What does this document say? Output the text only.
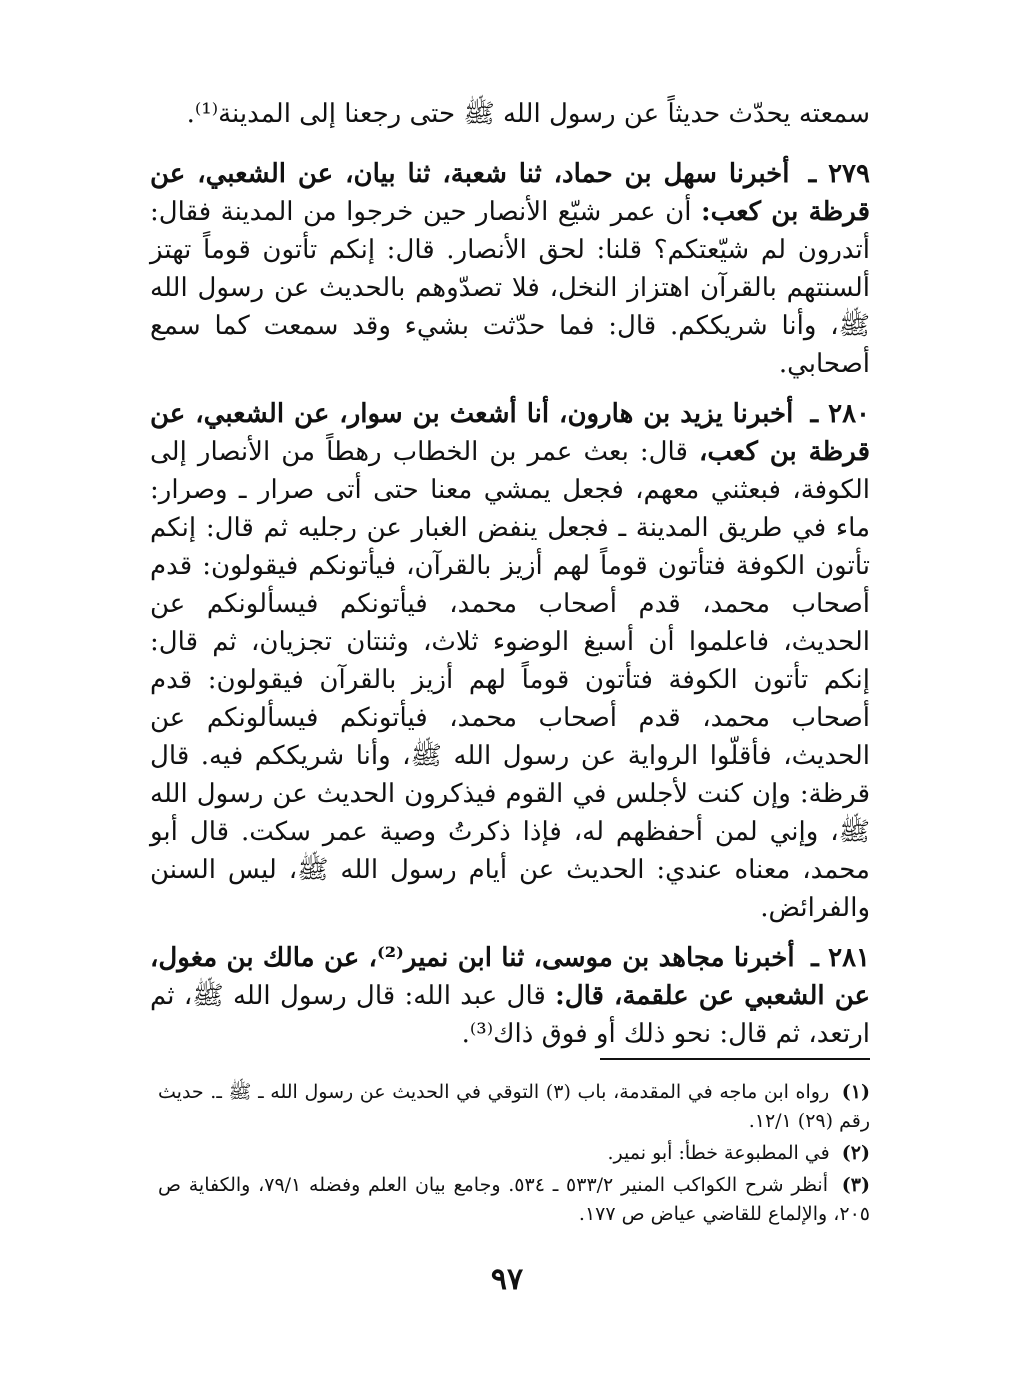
سمعته يحدّث حديثاً عن رسول الله ﷺ حتى رجعنا إلى المدينة⁽¹⁾.

٢٧٩ ـ أخبرنا سهل بن حماد، ثنا شعبة، ثنا بيان، عن الشعبي، عن قرظة بن كعب: أن عمر شيّع الأنصار حين خرجوا من المدينة فقال: أتدرون لم شيّعتكم؟ قلنا: لحق الأنصار. قال: إنكم تأتون قوماً تهتز ألسنتهم بالقرآن اهتزاز النخل، فلا تصدّوهم بالحديث عن رسول الله ﷺ، وأنا شريككم. قال: فما حدّثت بشيء وقد سمعت كما سمع أصحابي.

٢٨٠ ـ أخبرنا يزيد بن هارون، أنا أشعث بن سوار، عن الشعبي، عن قرظة بن كعب، قال: بعث عمر بن الخطاب رهطاً من الأنصار إلى الكوفة، فبعثني معهم، فجعل يمشي معنا حتى أتى صرار ـ وصرار: ماء في طريق المدينة ـ فجعل ينفض الغبار عن رجليه ثم قال: إنكم تأتون الكوفة فتأتون قوماً لهم أزيز بالقرآن، فيأتونكم فيقولون: قدم أصحاب محمد، قدم أصحاب محمد، فيأتونكم فيسألونكم عن الحديث، فاعلموا أن أسبغ الوضوء ثلاث، وثنتان تجزيان، ثم قال: إنكم تأتون الكوفة فتأتون قوماً لهم أزيز بالقرآن فيقولون: قدم أصحاب محمد، قدم أصحاب محمد، فيأتونكم فيسألونكم عن الحديث، فأقلّوا الرواية عن رسول الله ﷺ، وأنا شريككم فيه. قال قرظة: وإن كنت لأجلس في القوم فيذكرون الحديث عن رسول الله ﷺ، وإني لمن أحفظهم له، فإذا ذكرتُ وصية عمر سكت. قال أبو محمد، معناه عندي: الحديث عن أيام رسول الله ﷺ، ليس السنن والفرائض.

٢٨١ ـ أخبرنا مجاهد بن موسى، ثنا ابن نمير⁽²⁾، عن مالك بن مغول، عن الشعبي عن علقمة، قال: قال عبد الله: قال رسول الله ﷺ، ثم ارتعد، ثم قال: نحو ذلك أو فوق ذاك⁽³⁾.

(١) رواه ابن ماجه في المقدمة، باب (٣) التوقي في الحديث عن رسول الله ـ ﷺ ـ. حديث رقم (٢٩) ١٢/١.

(٢) في المطبوعة خطأ: أبو نمير.

(٣) أنظر شرح الكواكب المنير ٥٣٣/٢ ـ ٥٣٤. وجامع بيان العلم وفضله ٧٩/١، والكفاية ص ٢٠٥، والإلماع للقاضي عياض ص ١٧٧.

٩٧
